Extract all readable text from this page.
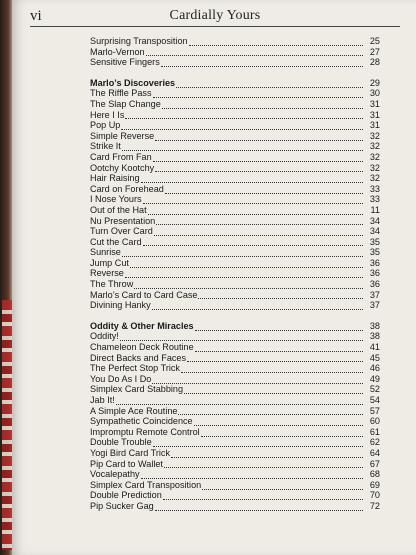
vi	Cardially Yours
Surprising Transposition	25
Marlo-Vernon	27
Sensitive Fingers	28
Marlo’s Discoveries	29
The Riffle Pass	30
The Slap Change	31
Here I Is	31
Pop Up	31
Simple Reverse	32
Strike It	32
Card From Fan	32
Ootchy Kootchy	32
Hair Raising	32
Card on Forehead	33
I Nose Yours	33
Out of the Hat	11
Nu Presentation	34
Turn Over Card	34
Cut the Card	35
Sunrise	35
Jump Cut	36
Reverse	36
The Throw	36
Marlo’s Card to Card Case	37
Divining Hanky	37
Oddity & Other Miracles	38
Oddity!	38
Chameleon Deck Routine	41
Direct Backs and Faces	45
The Perfect Stop Trick	46
You Do As I Do	49
Simplex Card Stabbing	52
Jab It!	54
A Simple Ace Routine	57
Sympathetic Coincidence	60
Impromptu Remote Control	61
Double Trouble	62
Yogi Bird Card Trick	64
Pip Card to Wallet	67
Vocalepathy	68
Simplex Card Transposition	69
Double Prediction	70
Pip Sucker Gag	72
